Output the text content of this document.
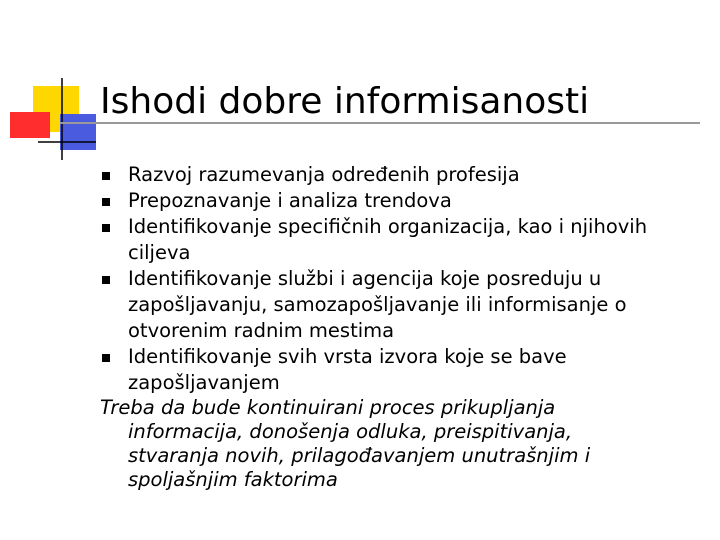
Ishodi dobre informisanosti
Razvoj razumevanja određenih profesija
Prepoznavanje i analiza trendova
Identifikovanje specifičnih organizacija, kao i njihovih ciljeva
Identifikovanje službi i agencija koje posreduju u zapošljavanju, samozapošljavanje ili informisanje o otvorenim radnim mestima
Identifikovanje svih vrsta izvora koje se bave zapošljavanjem

Treba da bude kontinuirani proces prikupljanja informacija, donošenja odluka, preispitivanja, stvaranja novih, prilagođavanjem unutrašnjim i spoljašnjim faktorima
